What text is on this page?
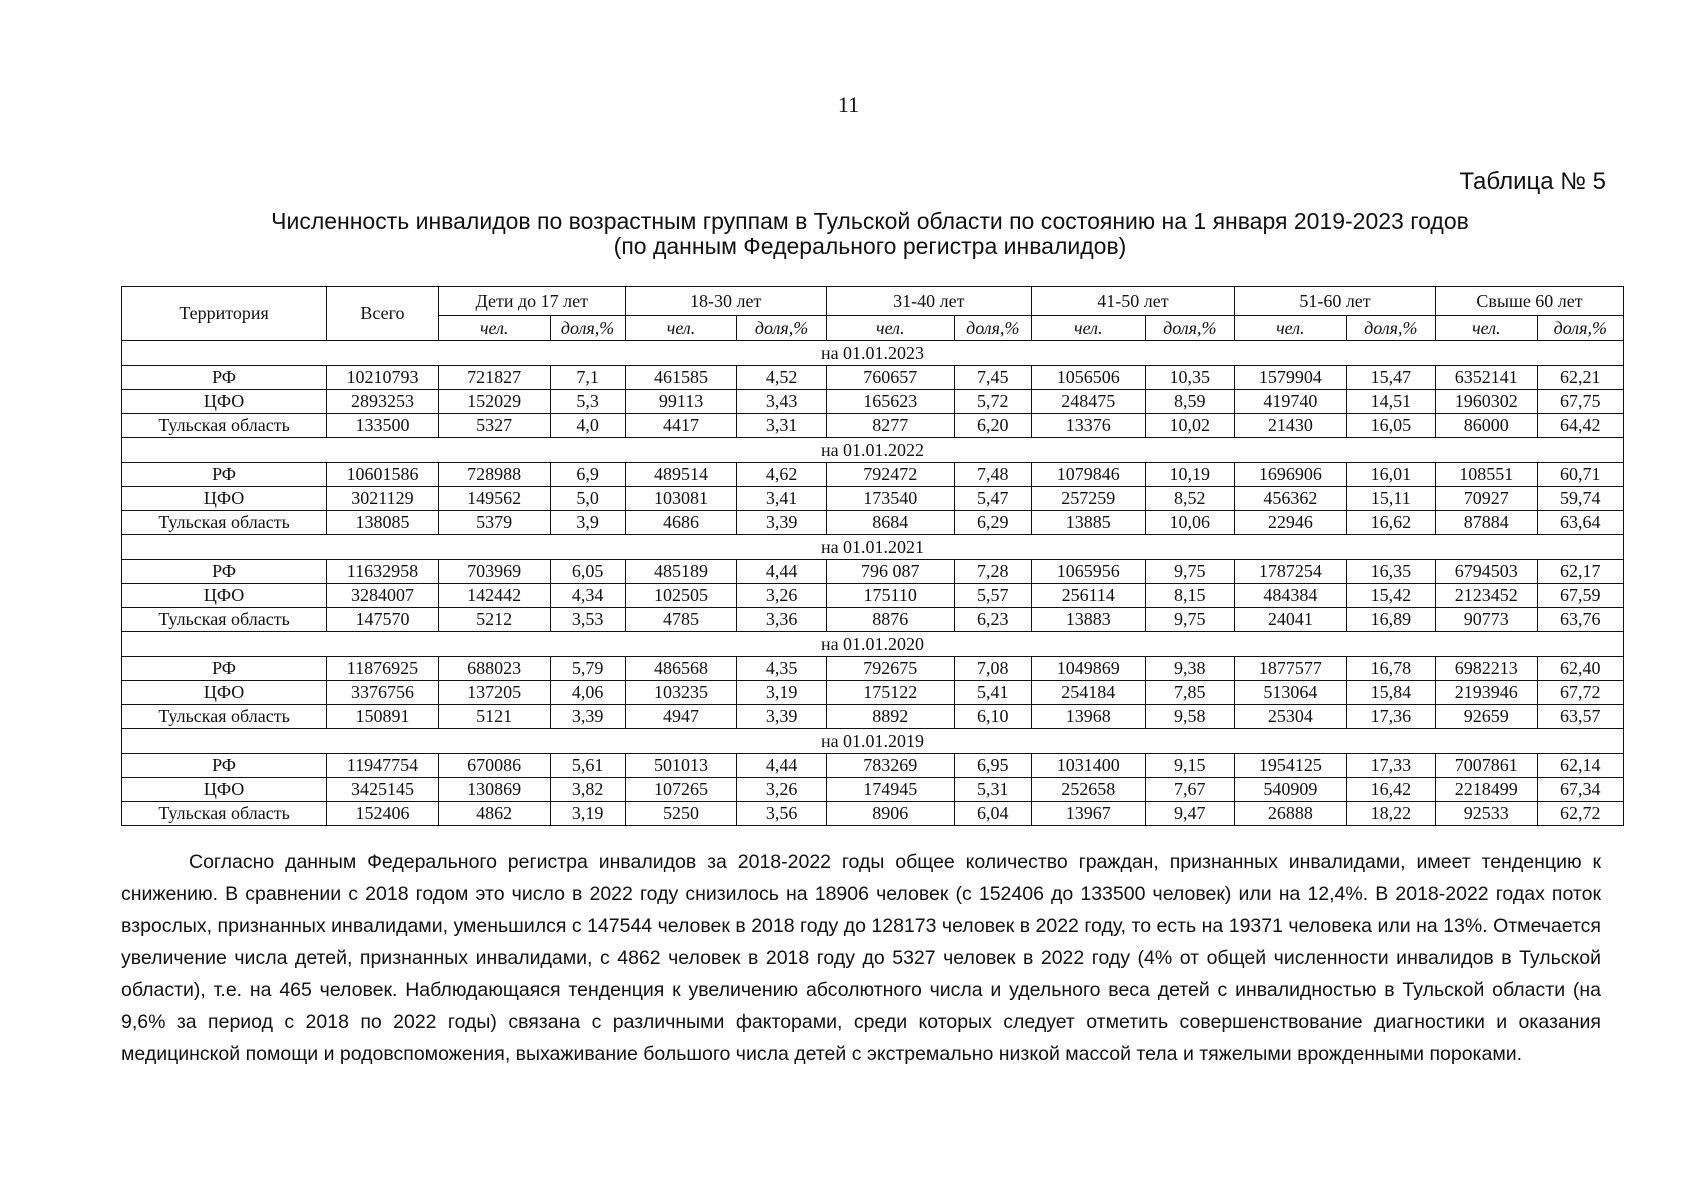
11
Таблица № 5
Численность инвалидов по возрастным группам в Тульской области по состоянию на 1 января 2019-2023 годов
(по данным Федерального регистра инвалидов)
Территория	Всего	Дети до 17 лет		18-30 лет		31-40 лет		41-50 лет		51-60 лет		Свыше 60 лет	
		чел.	доля,%	чел.	доля,%	чел.	доля,%	чел.	доля,%	чел.	доля,%	чел.	доля,%
на 01.01.2023													
РФ	10210793	721827	7,1	461585	4,52	760657	7,45	1056506	10,35	1579904	15,47	6352141	62,21
ЦФО	2893253	152029	5,3	99113	3,43	165623	5,72	248475	8,59	419740	14,51	1960302	67,75
Тульская область	133500	5327	4,0	4417	3,31	8277	6,20	13376	10,02	21430	16,05	86000	64,42
на 01.01.2022													
РФ	10601586	728988	6,9	489514	4,62	792472	7,48	1079846	10,19	1696906	16,01	108551	60,71
ЦФО	3021129	149562	5,0	103081	3,41	173540	5,47	257259	8,52	456362	15,11	70927	59,74
Тульская область	138085	5379	3,9	4686	3,39	8684	6,29	13885	10,06	22946	16,62	87884	63,64
на 01.01.2021													
РФ	11632958	703969	6,05	485189	4,44	796 087	7,28	1065956	9,75	1787254	16,35	6794503	62,17
ЦФО	3284007	142442	4,34	102505	3,26	175110	5,57	256114	8,15	484384	15,42	2123452	67,59
Тульская область	147570	5212	3,53	4785	3,36	8876	6,23	13883	9,75	24041	16,89	90773	63,76
на 01.01.2020													
РФ	11876925	688023	5,79	486568	4,35	792675	7,08	1049869	9,38	1877577	16,78	6982213	62,40
ЦФО	3376756	137205	4,06	103235	3,19	175122	5,41	254184	7,85	513064	15,84	2193946	67,72
Тульская область	150891	5121	3,39	4947	3,39	8892	6,10	13968	9,58	25304	17,36	92659	63,57
на 01.01.2019													
РФ	11947754	670086	5,61	501013	4,44	783269	6,95	1031400	9,15	1954125	17,33	7007861	62,14
ЦФО	3425145	130869	3,82	107265	3,26	174945	5,31	252658	7,67	540909	16,42	2218499	67,34
Тульская область	152406	4862	3,19	5250	3,56	8906	6,04	13967	9,47	26888	18,22	92533	62,72
Согласно данным Федерального регистра инвалидов за 2018-2022 годы общее количество граждан, признанных инвалидами, имеет тенденцию к снижению. В сравнении с 2018 годом это число в 2022 году снизилось на 18906 человек (с 152406 до 133500 человек) или на 12,4%. В 2018-2022 годах поток взрослых, признанных инвалидами, уменьшился с 147544 человек в 2018 году до 128173 человек в 2022 году, то есть на 19371 человека или на 13%. Отмечается увеличение числа детей, признанных инвалидами, с 4862 человек в 2018 году до 5327 человек в 2022 году (4% от общей численности инвалидов в Тульской области), т.е. на 465 человек. Наблюдающаяся тенденция к увеличению абсолютного числа и удельного веса детей с инвалидностью в Тульской области (на 9,6% за период с 2018 по 2022 годы) связана с различными факторами, среди которых следует отметить совершенствование диагностики и оказания медицинской помощи и родовспоможения, выхаживание большого числа детей с экстремально низкой массой тела и тяжелыми врожденными пороками.
